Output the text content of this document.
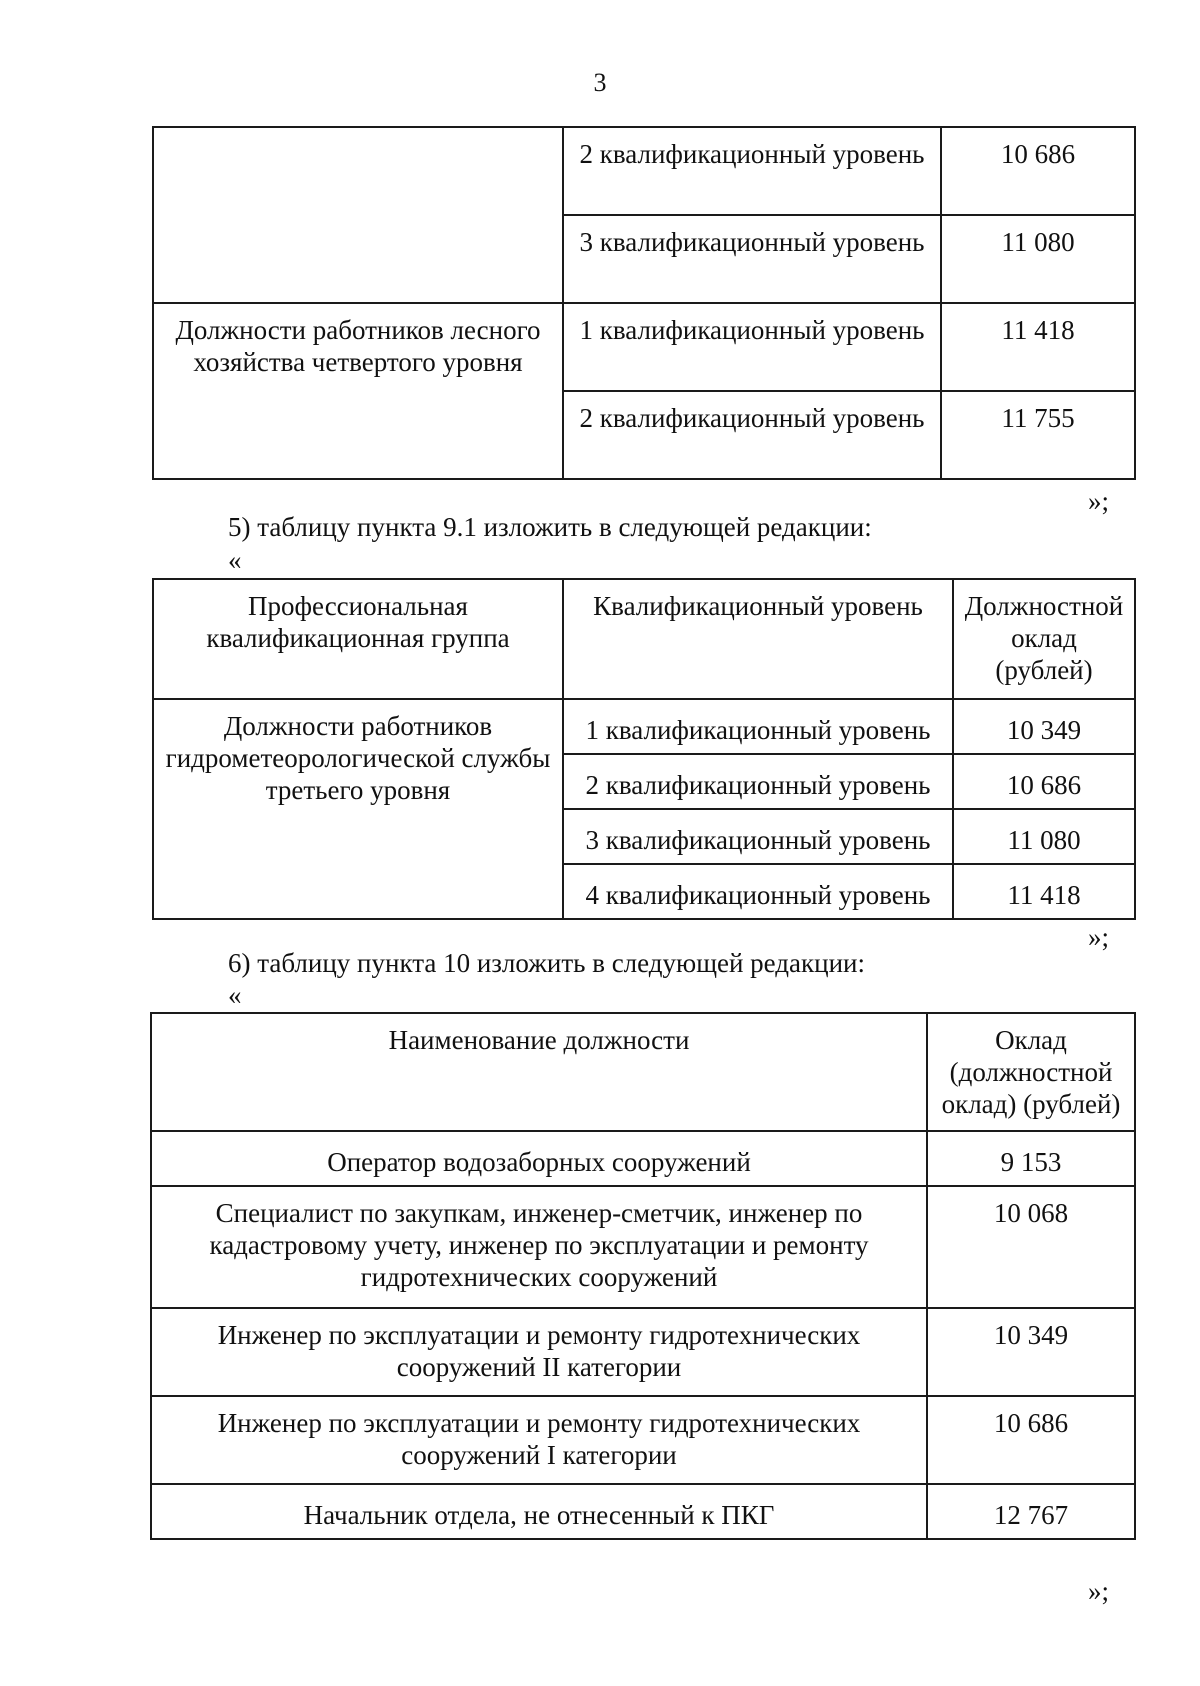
3
	2 квалификационный уровень	10 686
	3 квалификационный уровень	11 080
Должности работников лесного хозяйства четвертого уровня	1 квалификационный уровень	11 418
	2 квалификационный уровень	11 755
»;
5) таблицу пункта 9.1 изложить в следующей редакции:
«
Профессиональная квалификационная группа	Квалификационный уровень	Должностной оклад (рублей)
Должности работников гидрометеорологической службы третьего уровня	1 квалификационный уровень	10 349
	2 квалификационный уровень	10 686
	3 квалификационный уровень	11 080
	4 квалификационный уровень	11 418
»;
6) таблицу пункта 10 изложить в следующей редакции:
«
Наименование должности	Оклад (должностной оклад) (рублей)
Оператор водозаборных сооружений	9 153
Специалист по закупкам, инженер-сметчик, инженер по кадастровому учету, инженер по эксплуатации и ремонту гидротехнических сооружений	10 068
Инженер по эксплуатации и ремонту гидротехнических сооружений II категории	10 349
Инженер по эксплуатации и ремонту гидротехнических сооружений I категории	10 686
Начальник отдела, не отнесенный к ПКГ	12 767
»;
